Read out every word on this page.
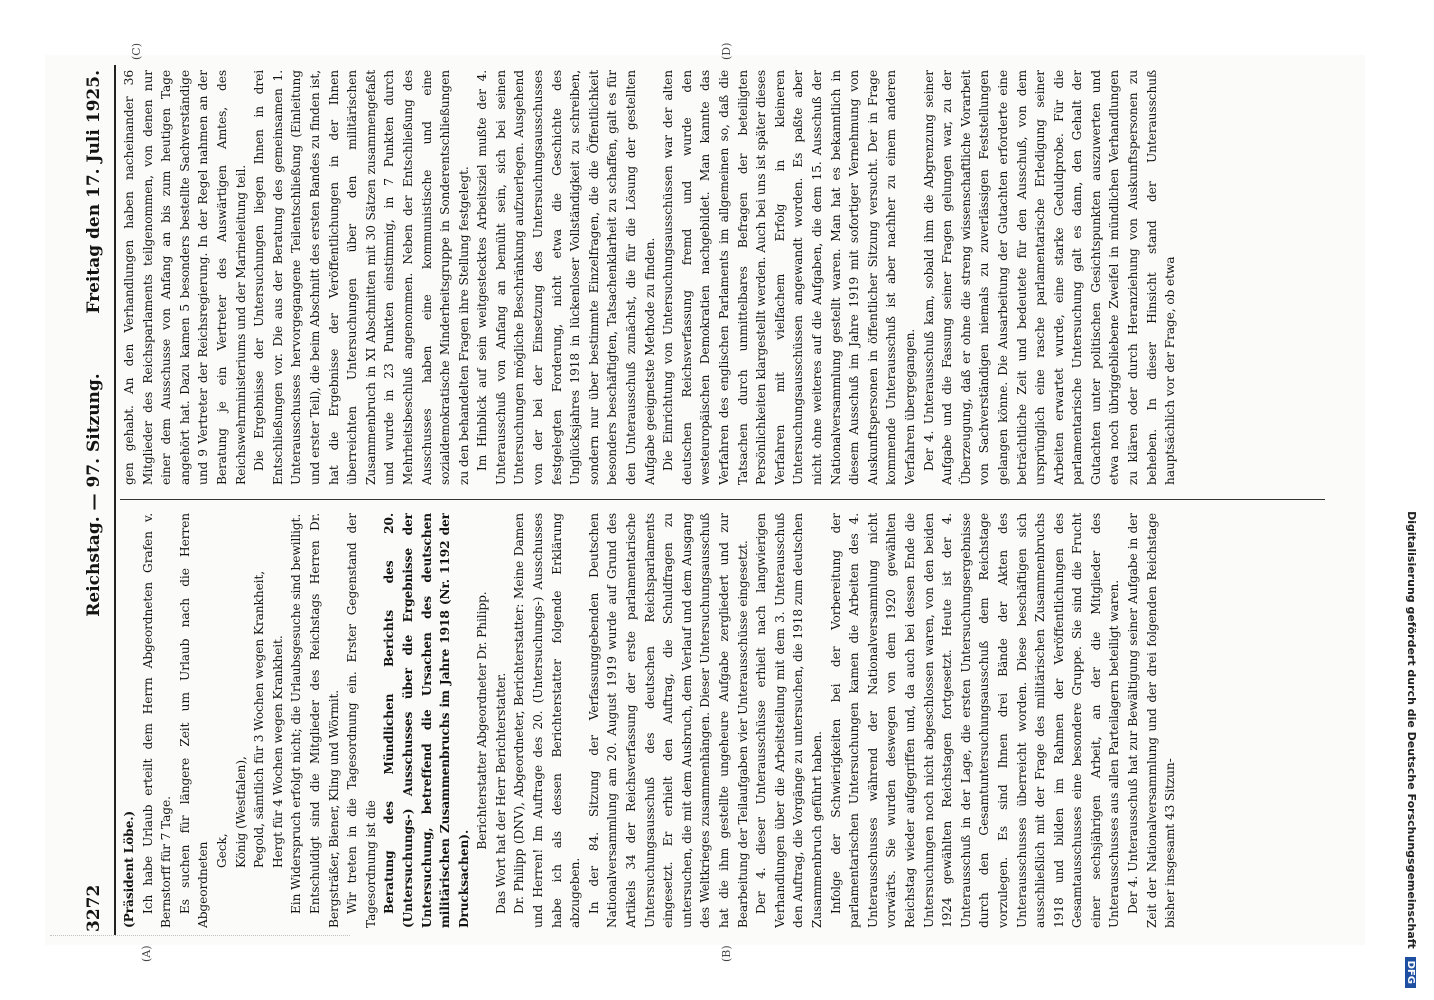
3272
Reichstag. — 97. Sitzung.
Freitag den 17. Juli 1925.
(A)	(B)
(C)	(D)

(Präsident Löbe.) Ich habe Urlaub erteilt dem Herrn Abgeordneten Grafen v. Bernstorff für 7 Tage. Es suchen für längere Zeit um Urlaub nach die Herren Abgeordneten Geck, König (Westfalen), Pegold, sämtlich für 3 Wochen wegen Krankheit, Hergt für 4 Wochen wegen Krankheit. Ein Widerspruch erfolgt nicht; die Urlaubsgesuche sind bewilligt. Entschuldigt sind die Mitglieder des Reichstags Herren Dr. Bergsträßer, Biener, Kling und Wörmit. Wir treten in die Tagesordnung ein. Erster Gegenstand der Tagesordnung ist die Beratung des Mündlichen Berichts des 20. (Untersuchungs-) Ausschusses über die Ergebnisse der Untersuchung, betreffend die Ursachen des deutschen militärischen Zusammenbruchs im Jahre 1918 (Nr. 1192 der Drucksachen).

Berichterstatter Abgeordneter Dr. Philipp. Das Wort hat der Herr Berichterstatter. Dr. Philipp (DNV), Abgeordneter, Berichterstatter: Meine Damen und Herren! Im Auftrage des 20. (Untersuchungs-) Ausschusses habe ich als dessen Berichterstatter folgende Erklärung abzugeben. In der 84. Sitzung der Verfassunggebenden Deutschen Nationalversammlung am 20. August 1919 wurde auf Grund des Artikels 34 der Reichsverfassung der erste parlamentarische Untersuchungsausschuß des deutschen Reichsparlaments eingesetzt. Er erhielt den Auftrag, die Schuldfragen zu untersuchen, die mit dem Ausbruch, dem Verlauf und dem Ausgang des Weltkrieges zusammenhängen. Dieser Untersuchungsausschuß hat die ihm gestellte ungeheure Aufgabe zergliedert und zur Bearbeitung der Teilaufgaben vier Unterausschüsse eingesetzt. Der 4. dieser Unterausschüsse erhielt nach langwierigen Verhandlungen über die Arbeitsteilung mit dem 3. Unterausschuß den Auftrag, die Vorgänge zu untersuchen, die 1918 zum deutschen Zusammenbruch geführt haben. Infolge der Schwierigkeiten bei der Vorbereitung der parlamentarischen Untersuchungen kamen die Arbeiten des 4. Unterausschusses während der Nationalversammlung nicht vorwärts. Sie wurden deswegen von dem 1920 gewählten Reichstag wieder aufgegriffen und, da auch bei dessen Ende die Untersuchungen noch nicht abgeschlossen waren, von den beiden 1924 gewählten Reichstagen fortgesetzt. Heute ist der 4. Unterausschuß in der Lage, die ersten Untersuchungsergebnisse durch den Gesamtuntersuchungsausschuß dem Reichstage vorzulegen. Es sind Ihnen drei Bände der Akten des Unterausschusses überreicht worden. Diese beschäftigen sich ausschließlich mit der Frage des militärischen Zusammenbruchs 1918 und bilden im Rahmen der Veröffentlichungen des Gesamtausschusses eine besondere Gruppe. Sie sind die Frucht einer sechsjährigen Arbeit, an der die Mitglieder des Unterausschusses aus allen Parteilagern beteiligt waren. Der 4. Unterausschuß hat zur Bewältigung seiner Aufgabe in der Zeit der Nationalversammlung und der drei folgenden Reichstage bisher insgesamt 43 Sitzun-

gen gehabt. An den Verhandlungen haben nacheinander 36 Mitglieder des Reichsparlaments teilgenommen, von denen nur einer dem Ausschusse von Anfang an bis zum heutigen Tage angehört hat. Dazu kamen 5 besonders bestellte Sachverständige und 9 Vertreter der Reichsregierung. In der Regel nahmen an der Beratung je ein Vertreter des Auswärtigen Amtes, des Reichswehrministeriums und der Marineleitung teil. Die Ergebnisse der Untersuchungen liegen Ihnen in drei Entschließungen vor. Die aus der Beratung des gemeinsamen 1. Unterausschusses hervorgegangene Teilentschließung (Einleitung und erster Teil), die beim Abschnitt des ersten Bandes zu finden ist, hat die Ergebnisse der Veröffentlichungen in der Ihnen überreichten Untersuchungen über den militärischen Zusammenbruch in XI Abschnitten mit 30 Sätzen zusammengefaßt und wurde in 23 Punkten einstimmig, in 7 Punkten durch Mehrheitsbeschluß angenommen. Neben der Entschließung des Ausschusses haben eine kommunistische und eine sozialdemokratische Minderheitsgruppe in Sonderentschließungen zu den behandelten Fragen ihre Stellung festgelegt. Im Hinblick auf sein weitgestecktes Arbeitsziel mußte der 4. Unterausschuß von Anfang an bemüht sein, sich bei seinen Untersuchungen mögliche Beschränkung aufzuerlegen. Ausgehend von der bei der Einsetzung des Untersuchungsausschusses festgelegten Forderung, nicht etwa die Geschichte des Unglücksjahres 1918 in lückenloser Vollständigkeit zu schreiben, sondern nur über bestimmte Einzelfragen, die die Öffentlichkeit besonders beschäftigten, Tatsachenklarheit zu schaffen, galt es für den Unterausschuß zunächst, die für die Lösung der gestellten Aufgabe geeignetste Methode zu finden. Die Einrichtung von Untersuchungsausschüssen war der alten deutschen Reichsverfassung fremd und wurde den westeuropäischen Demokratien nachgebildet. Man kannte das Verfahren des englischen Parlaments im allgemeinen so, daß die Tatsachen durch unmittelbares Befragen der beteiligten Persönlichkeiten klargestellt werden. Auch bei uns ist später dieses Verfahren mit vielfachem Erfolg in kleineren Untersuchungsausschüssen angewandt worden. Es paßte aber nicht ohne weiteres auf die Aufgaben, die dem 15. Ausschuß der Nationalversammlung gestellt waren. Man hat es bekanntlich in diesem Ausschuß im Jahre 1919 mit sofortiger Vernehmung von Auskunftspersonen in öffentlicher Sitzung versucht. Der in Frage kommende Unterausschuß ist aber nachher zu einem anderen Verfahren übergegangen. Der 4. Unterausschuß kam, sobald ihm die Abgrenzung seiner Aufgabe und die Fassung seiner Fragen gelungen war, zu der Überzeugung, daß er ohne die streng wissenschaftliche Vorarbeit von Sachverständigen niemals zu zuverlässigen Feststellungen gelangen könne. Die Ausarbeitung der Gutachten erforderte eine beträchtliche Zeit und bedeutete für den Ausschuß, von dem ursprünglich eine rasche parlamentarische Erledigung seiner Arbeiten erwartet wurde, eine starke Geduldprobe. Für die parlamentarische Untersuchung galt es dann, den Gehalt der Gutachten unter politischen Gesichtspunkten auszuwerten und etwa noch übriggebliebene Zweifel in mündlichen Verhandlungen zu klären oder durch Heranziehung von Auskunftspersonen zu beheben. In dieser Hinsicht stand der Unterausschuß hauptsächlich vor der Frage, ob etwa

Digitalisierung gefördert durch die Deutsche Forschungsgemeinschaft DFG
